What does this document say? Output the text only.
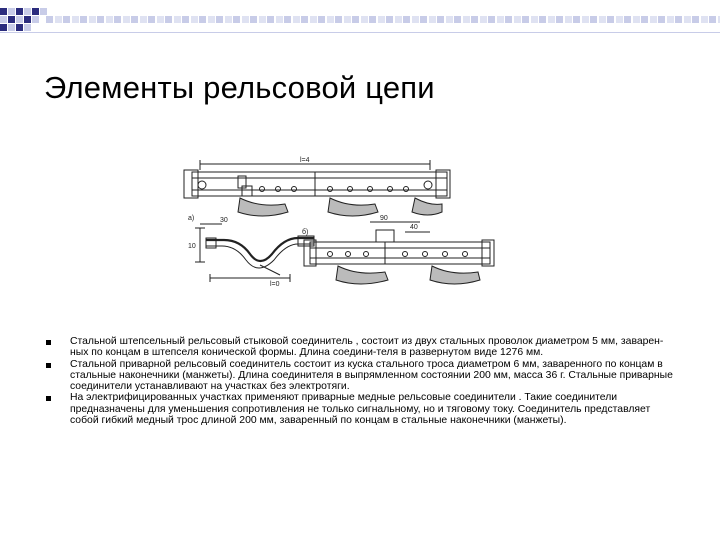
Элементы рельсовой цепи
l=4
30
а)
б)
40
10
l=0
90
Стальной штепсельный рельсовый стыковой соединитель , состоит из двух стальных проволок диаметром 5 мм, заварен-ных по концам в штепселя конической формы. Длина соедини-теля в развернутом виде 1276 мм.
Стальной приварной рельсовый соединитель состоит из куска стального троса диаметром 6 мм, заваренного по концам в стальные наконечники (манжеты). Длина соединителя в выпрямленном состоянии 200 мм, масса 36 г. Стальные приварные соединители устанавливают на участках без электротяги.
На электрифицированных участках применяют приварные медные рельсовые соединители . Такие соединители предназначены для уменьшения сопротивления не только сигнальному, но и тяговому току. Соединитель представляет собой гибкий медный трос длиной 200 мм, заваренный по концам в стальные наконечники (манжеты).
